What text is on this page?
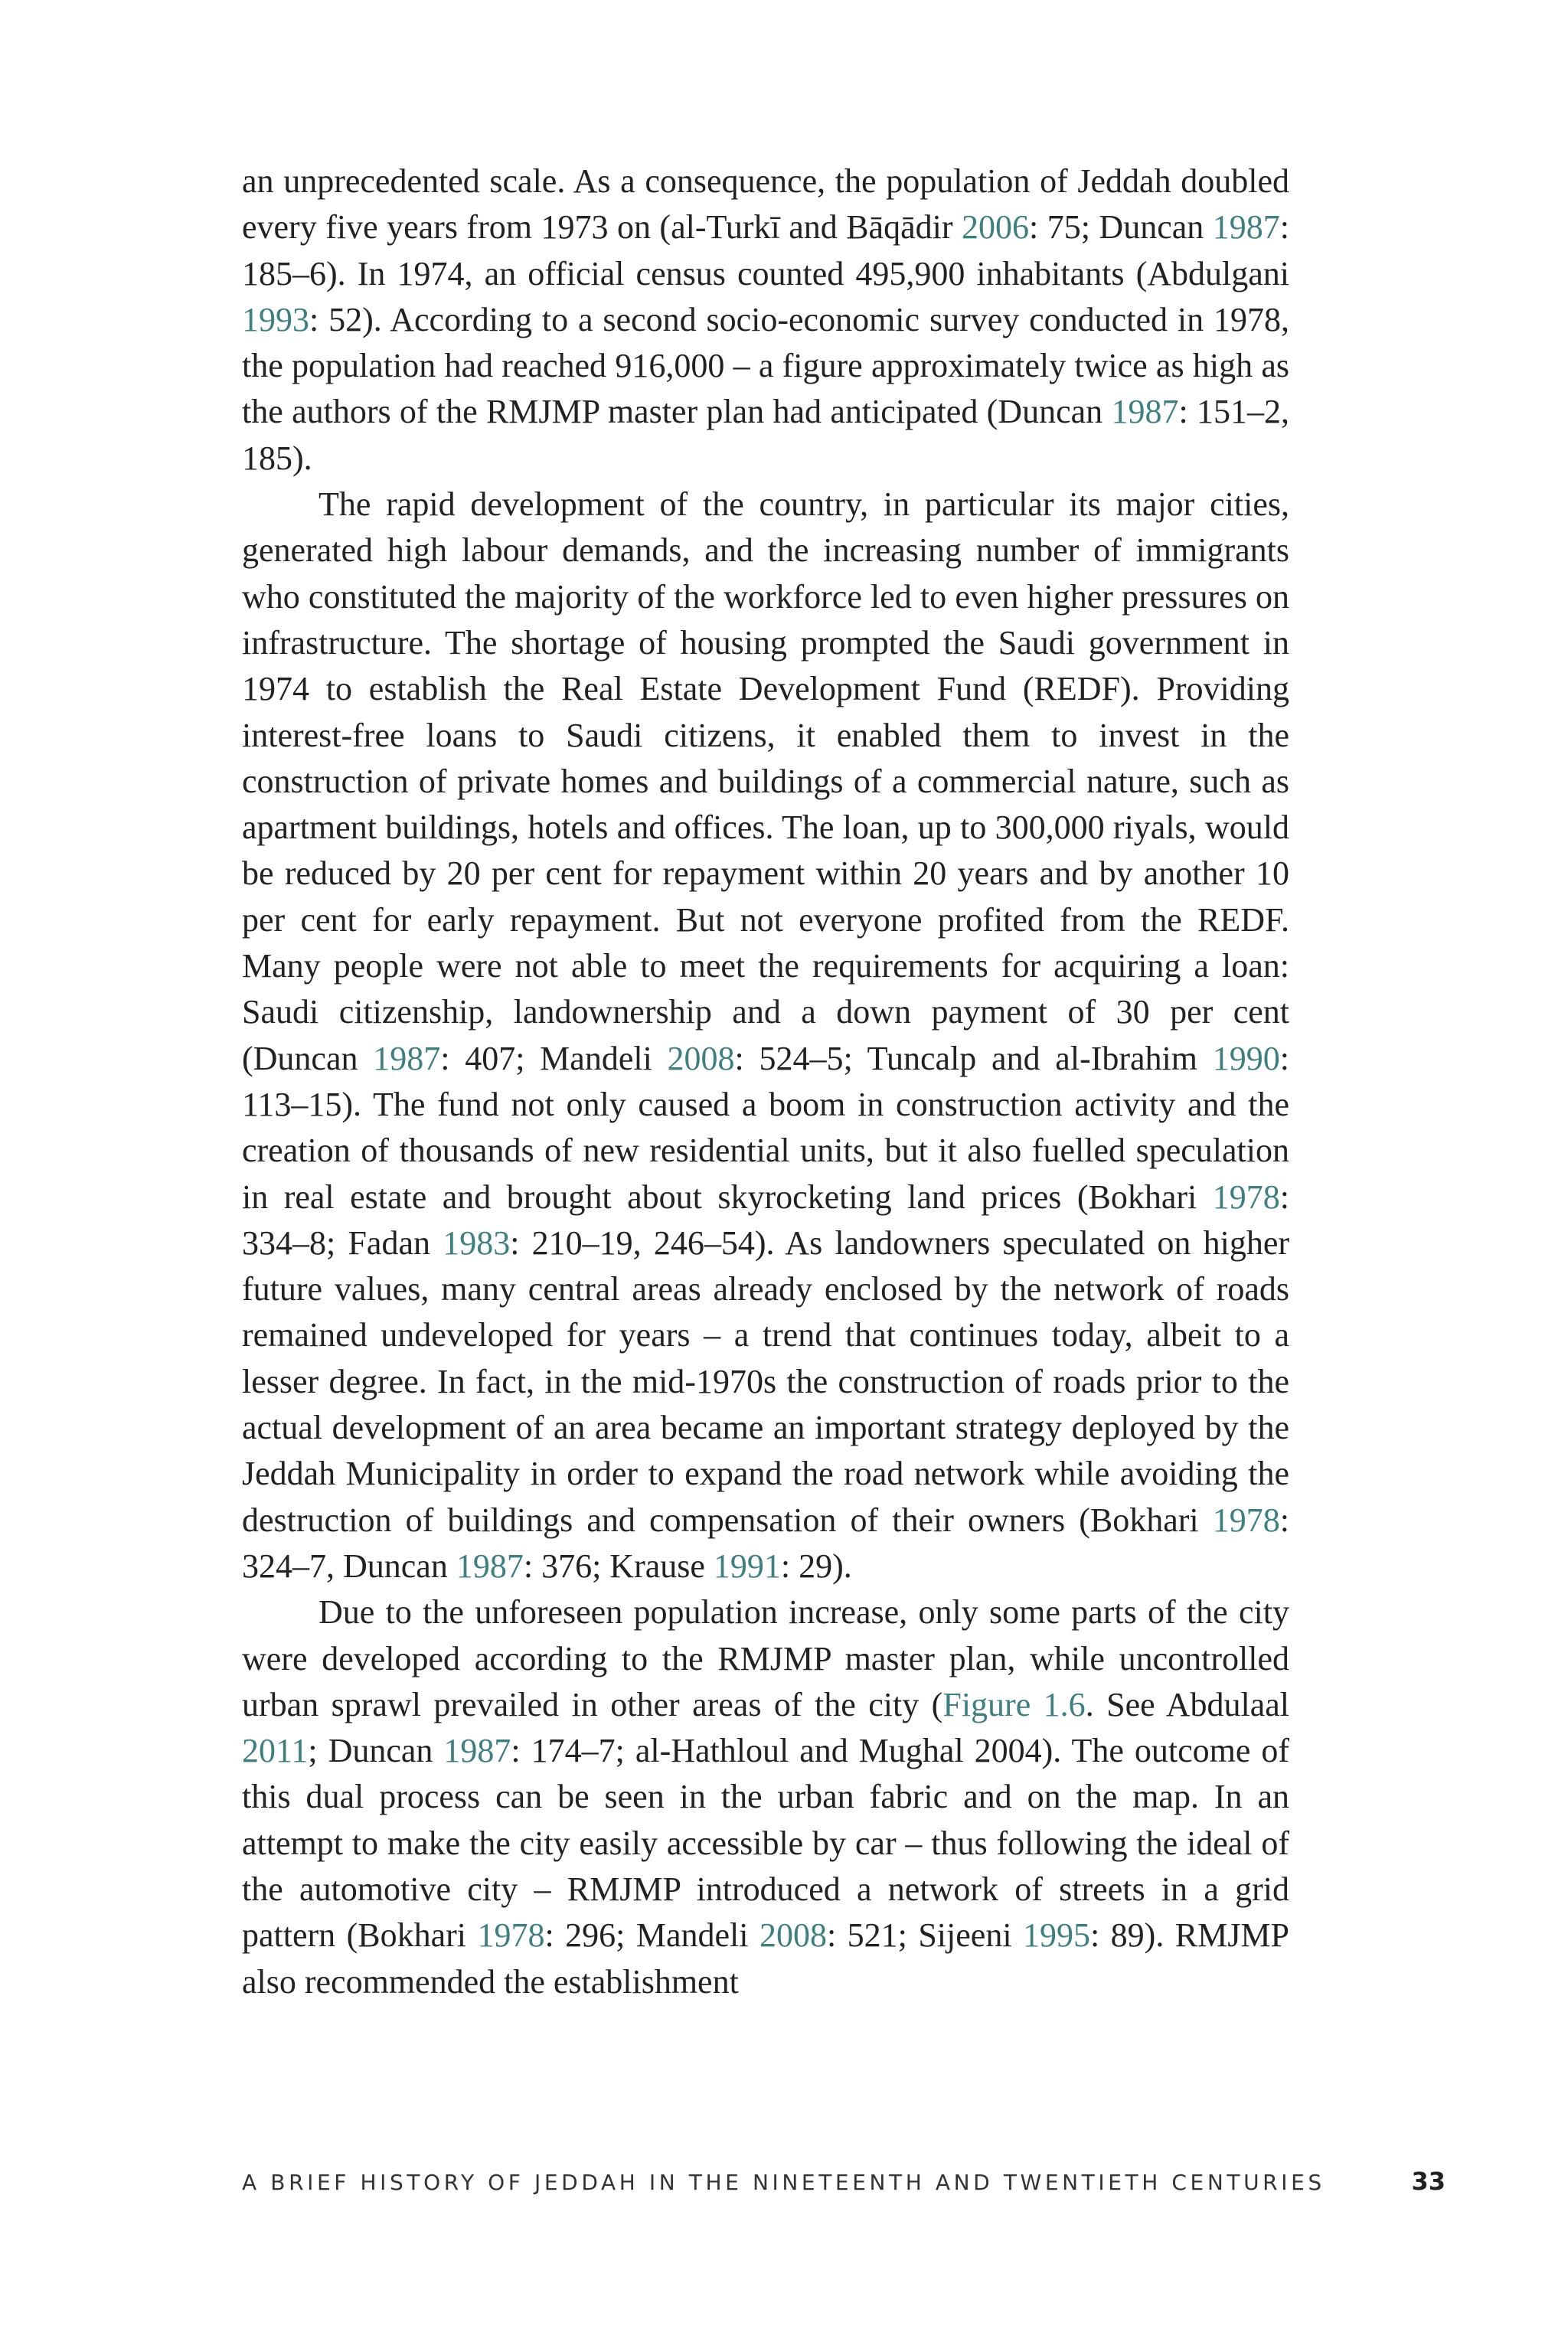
an unprecedented scale. As a consequence, the population of Jeddah doubled every five years from 1973 on (al-Turkī and Bāqādir 2006: 75; Duncan 1987: 185–6). In 1974, an official census counted 495,900 inhabitants (Abdulgani 1993: 52). According to a second socio-economic survey conducted in 1978, the population had reached 916,000 – a figure approximately twice as high as the authors of the RMJMP master plan had anticipated (Duncan 1987: 151–2, 185).

The rapid development of the country, in particular its major cities, generated high labour demands, and the increasing number of immigrants who constituted the majority of the workforce led to even higher pressures on infrastructure. The shortage of housing prompted the Saudi government in 1974 to establish the Real Estate Development Fund (REDF). Providing interest-free loans to Saudi citizens, it enabled them to invest in the construction of private homes and buildings of a commercial nature, such as apartment buildings, hotels and offices. The loan, up to 300,000 riyals, would be reduced by 20 per cent for repayment within 20 years and by another 10 per cent for early repayment. But not everyone profited from the REDF. Many people were not able to meet the requirements for acquiring a loan: Saudi citizenship, landownership and a down payment of 30 per cent (Duncan 1987: 407; Mandeli 2008: 524–5; Tuncalp and al-Ibrahim 1990: 113–15). The fund not only caused a boom in construction activity and the creation of thousands of new residential units, but it also fuelled speculation in real estate and brought about skyrocketing land prices (Bokhari 1978: 334–8; Fadan 1983: 210–19, 246–54). As landowners speculated on higher future values, many central areas already enclosed by the network of roads remained undeveloped for years – a trend that continues today, albeit to a lesser degree. In fact, in the mid-1970s the construction of roads prior to the actual development of an area became an important strategy deployed by the Jeddah Municipality in order to expand the road network while avoiding the destruction of buildings and compensation of their owners (Bokhari 1978: 324–7, Duncan 1987: 376; Krause 1991: 29).

Due to the unforeseen population increase, only some parts of the city were developed according to the RMJMP master plan, while uncontrolled urban sprawl prevailed in other areas of the city (Figure 1.6. See Abdulaal 2011; Duncan 1987: 174–7; al-Hathloul and Mughal 2004). The outcome of this dual process can be seen in the urban fabric and on the map. In an attempt to make the city easily accessible by car – thus following the ideal of the automotive city – RMJMP introduced a network of streets in a grid pattern (Bokhari 1978: 296; Mandeli 2008: 521; Sijeeni 1995: 89). RMJMP also recommended the establishment

A BRIEF HISTORY OF JEDDAH IN THE NINETEENTH AND TWENTIETH CENTURIES	33
